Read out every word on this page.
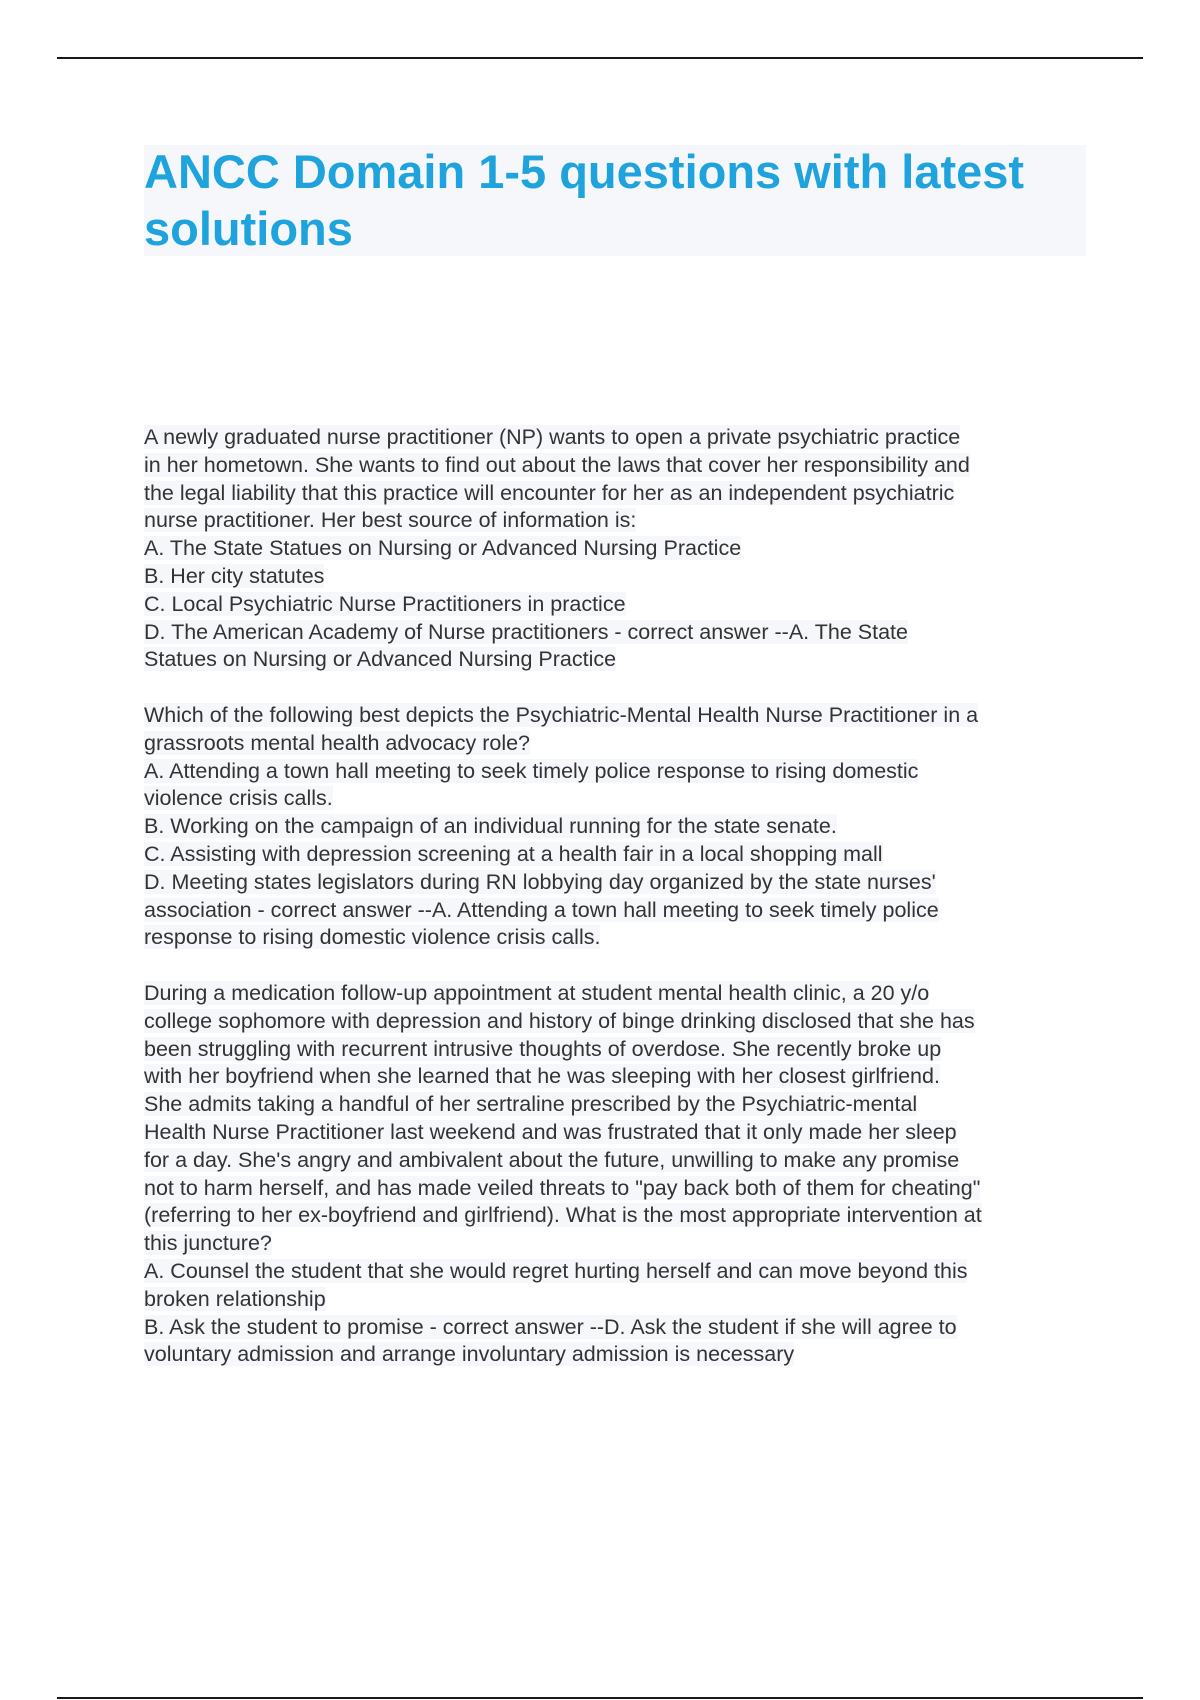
ANCC Domain 1-5 questions with latest
solutions
A newly graduated nurse practitioner (NP) wants to open a private psychiatric practice
in her hometown. She wants to find out about the laws that cover her responsibility and
the legal liability that this practice will encounter for her as an independent psychiatric
nurse practitioner. Her best source of information is:
A. The State Statues on Nursing or Advanced Nursing Practice
B. Her city statutes
C. Local Psychiatric Nurse Practitioners in practice
D. The American Academy of Nurse practitioners - correct answer --A. The State
Statues on Nursing or Advanced Nursing Practice
Which of the following best depicts the Psychiatric-Mental Health Nurse Practitioner in a
grassroots mental health advocacy role?
A. Attending a town hall meeting to seek timely police response to rising domestic
violence crisis calls.
B. Working on the campaign of an individual running for the state senate.
C. Assisting with depression screening at a health fair in a local shopping mall
D. Meeting states legislators during RN lobbying day organized by the state nurses'
association - correct answer --A. Attending a town hall meeting to seek timely police
response to rising domestic violence crisis calls.
During a medication follow-up appointment at student mental health clinic, a 20 y/o
college sophomore with depression and history of binge drinking disclosed that she has
been struggling with recurrent intrusive thoughts of overdose. She recently broke up
with her boyfriend when she learned that he was sleeping with her closest girlfriend.
She admits taking a handful of her sertraline prescribed by the Psychiatric-mental
Health Nurse Practitioner last weekend and was frustrated that it only made her sleep
for a day. She's angry and ambivalent about the future, unwilling to make any promise
not to harm herself, and has made veiled threats to "pay back both of them for cheating"
(referring to her ex-boyfriend and girlfriend). What is the most appropriate intervention at
this juncture?
A. Counsel the student that she would regret hurting herself and can move beyond this
broken relationship
B. Ask the student to promise - correct answer --D. Ask the student if she will agree to
voluntary admission and arrange involuntary admission is necessary
